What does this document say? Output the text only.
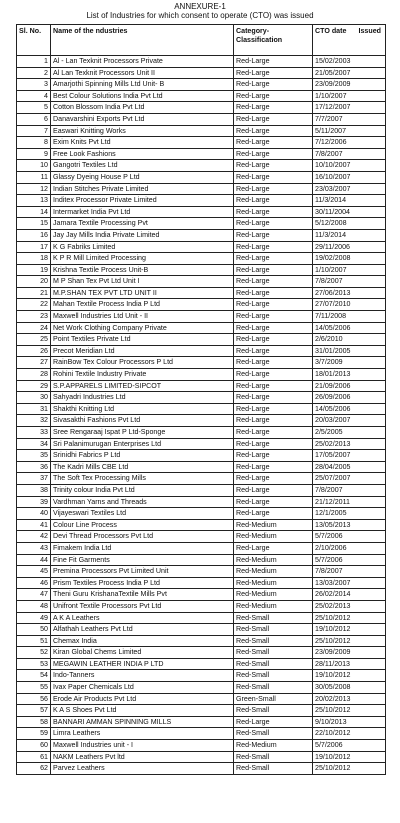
ANNEXURE-1
List of Industries for which consent to operate (CTO) was issued
Sl. No.	Name of the ndustries	Category-Classification	CTO date Issued

1	Al - Lan Texknit Processors Private	Red-Large	15/02/2003
2	Al Lan Texknit Processors Unit II	Red-Large	21/05/2007
3	Amarjothi Spinning Mills Ltd Unit- B	Red-Large	23/09/2009
4	Best Colour Solutions India Pvt Ltd	Red-Large	1/10/2007
5	Cotton Blossom India Pvt Ltd	Red-Large	17/12/2007
6	Danavarshini Exports Pvt Ltd	Red-Large	7/7/2007
7	Easwari Knitting Works	Red-Large	5/11/2007
8	Exim Knits Pvt Ltd	Red-Large	7/12/2006
9	Free Look Fashions	Red-Large	7/8/2007
10	Gangotri Textiles Ltd	Red-Large	10/10/2007
11	Glassy Dyeing House P Ltd	Red-Large	16/10/2007
12	Indian Stitches Private Limited	Red-Large	23/03/2007
13	Inditex Processor Private Limited	Red-Large	11/3/2014
14	Intermarket India Pvt Ltd	Red-Large	30/11/2004
15	Jamara Textile Processing Pvt	Red-Large	5/12/2008
16	Jay Jay Mills India Private Limited	Red-Large	11/3/2014
17	K G Fabriks Limited	Red-Large	29/11/2006
18	K P R Mill Limited Processing	Red-Large	19/02/2008
19	Krishna Textile Process Unit-B	Red-Large	1/10/2007
20	M P Shan Tex Pvt Ltd Unit I	Red-Large	7/8/2007
21	M.P.SHAN TEX PVT LTD UNIT II	Red-Large	27/06/2013
22	Mahan Textile Process India P Ltd	Red-Large	27/07/2010
23	Maxwell Industries Ltd Unit - II	Red-Large	7/11/2008
24	Net Work Clothing Company Private	Red-Large	14/05/2006
25	Point Textiles Private Ltd	Red-Large	2/6/2010
26	Precot Meridian Ltd	Red-Large	31/01/2005
27	RainBow Tex Colour Processors P Ltd	Red-Large	3/7/2009
28	Rohini Textile Industry Private	Red-Large	18/01/2013
29	S.P.APPARELS LIMITED-SIPCOT	Red-Large	21/09/2006
30	Sahyadri Industries Ltd	Red-Large	26/09/2006
31	Shakthi Knitting Ltd	Red-Large	14/05/2006
32	Sivasakthi Fashions Pvt Ltd	Red-Large	20/03/2007
33	Sree Rengaraaj Ispat P Ltd-Sponge	Red-Large	2/5/2005
34	Sri Palanimurugan Enterprises Ltd	Red-Large	25/02/2013
35	Srinidhi Fabrics P Ltd	Red-Large	17/05/2007
36	The Kadri Mills CBE Ltd	Red-Large	28/04/2005
37	The Soft Tex Processing Mills	Red-Large	25/07/2007
38	Trinity colour India Pvt Ltd	Red-Large	7/8/2007
39	Vardhman Yarns and Threads	Red-Large	21/12/2011
40	Vijayeswari Textiles Ltd	Red-Large	12/1/2005
41	Colour Line Process	Red-Medium	13/05/2013
42	Devi Thread Processors Pvt Ltd	Red-Medium	5/7/2006
43	Fimakem India Ltd	Red-Large	2/10/2006
44	Fine Fit Garments	Red-Medium	5/7/2006
45	Premina Processors Pvt Limited Unit	Red-Medium	7/8/2007
46	Prism Textiles Process India P Ltd	Red-Medium	13/03/2007
47	Theni Guru KrishanaTextile Mills Pvt	Red-Medium	26/02/2014
48	Unifront Textile Processors Pvt Ltd	Red-Medium	25/02/2013
49	A K A Leathers	Red-Small	25/10/2012
50	Alfathah Leathers Pvt Ltd	Red-Small	19/10/2012
51	Chemax India	Red-Small	25/10/2012
52	Kiran Global Chems Limited	Red-Small	23/09/2009
53	MEGAWIN LEATHER INDIA P LTD	Red-Small	28/11/2013
54	Indo-Tanners	Red-Small	19/10/2012
55	Ivax Paper Chemicals Ltd	Red-Small	30/05/2008
56	Erode Air Products Pvt Ltd	Green-Small	20/02/2013
57	K A S Shoes Pvt Ltd	Red-Small	25/10/2012
58	BANNARI AMMAN SPINNING MILLS	Red-Large	9/10/2013
59	Limra Leathers	Red-Small	22/10/2012
60	Maxwell Industries unit - I	Red-Medium	5/7/2006
61	NAKM Leathers Pvt ltd	Red-Small	19/10/2012
62	Parvez Leathers	Red-Small	25/10/2012
